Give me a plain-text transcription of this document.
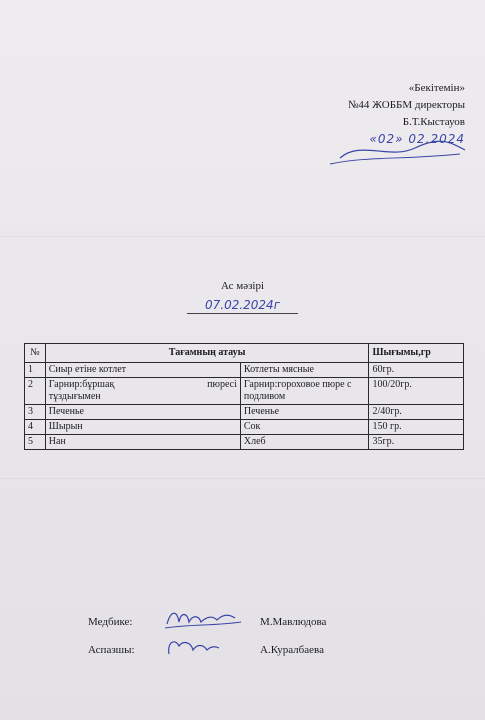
«Бекітемін»
№44 ЖОББМ директоры
Б.Т.Кыстауов
«02» 02.2024
Ас мәзірі
07.02.2024г
№	Тағамның атауы		Шығымы,гр
1	Сиыр етіне котлет	Котлеты мясные	60гр.
2	Гарнир:бұршақ пюресі
тұздығымен	Гарнир:гороховое пюре с подливом	100/20гр.
3	Печенье	Печенье	2/40гр.
4	Шырын	Сок	150 гр.
5	Нан	Хлеб	35гр.
Медбике:	М.Мавлюдова
Аспазшы:	А.Куралбаева
